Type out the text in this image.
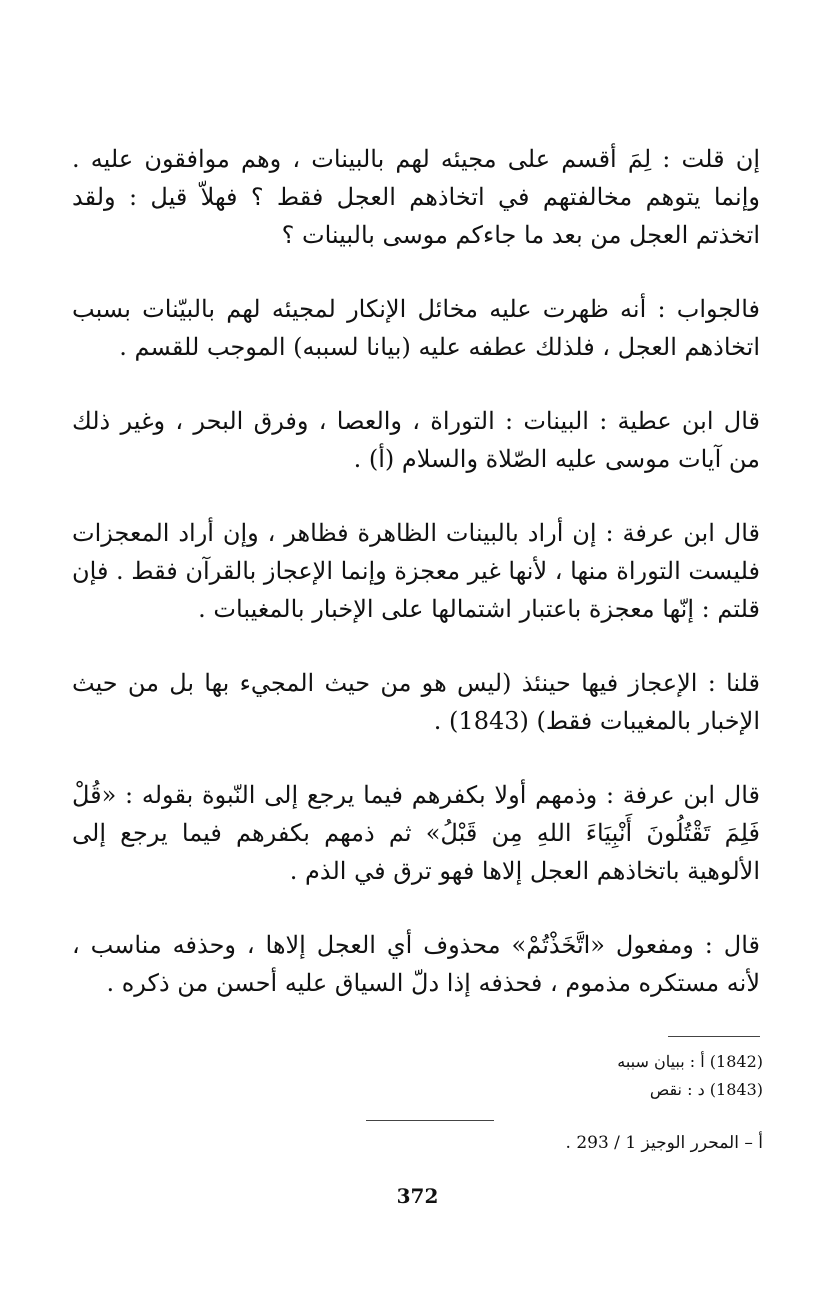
إن قلت : لِمَ أقسم على مجيئه لهم بالبينات ، وهم موافقون عليه . وإنما يتوهم مخالفتهم في اتخاذهم العجل فقط ؟ فهلاّ قيل : ولقد اتخذتم العجل من بعد ما جاءكم موسى بالبينات ؟

فالجواب : أنه ظهرت عليه مخائل الإنكار لمجيئه لهم بالبيّنات بسبب اتخاذهم العجل ، فلذلك عطفه عليه (بيانا لسببه) الموجب للقسم .

قال ابن عطية : البينات : التوراة ، والعصا ، وفرق البحر ، وغير ذلك من آيات موسى عليه الصّلاة والسلام (أ) .

قال ابن عرفة : إن أراد بالبينات الظاهرة فظاهر ، وإن أراد المعجزات فليست التوراة منها ، لأنها غير معجزة وإنما الإعجاز بالقرآن فقط . فإن قلتم : إنّها معجزة باعتبار اشتمالها على الإخبار بالمغيبات .

قلنا : الإعجاز فيها حينئذ (ليس هو من حيث المجيء بها بل من حيث الإخبار بالمغيبات فقط) (1843) .

قال ابن عرفة : وذمهم أولا بكفرهم فيما يرجع إلى النّبوة بقوله : «قُلْ فَلِمَ تَقْتُلُونَ أَنْبِيَاءَ اللهِ مِن قَبْلُ» ثم ذمهم بكفرهم فيما يرجع إلى الألوهية باتخاذهم العجل إلاها فهو ترق في الذم .

قال : ومفعول «اتَّخَذْتُمْ» محذوف أي العجل إلاها ، وحذفه مناسب ، لأنه مستكره مذموم ، فحذفه إذا دلّ السياق عليه أحسن من ذكره .

(1842) أ : ببيان سببه
(1843) د : نقص
أ – المحرر الوجيز 1 / 293 .
372
